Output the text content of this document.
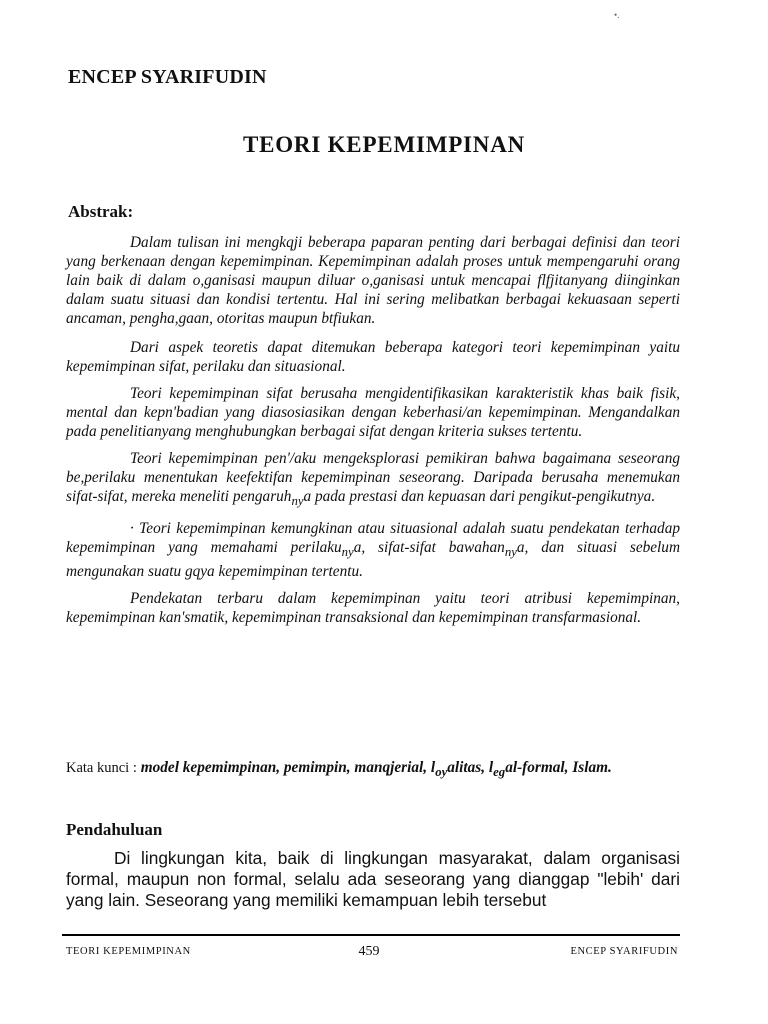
•.
ENCEP SYARIFUDIN
TEORI KEPEMIMPINAN
Abstrak:

Dalam tulisan ini mengkqji beberapa paparan penting dari berbagai definisi dan teori yang berkenaan dengan kepemimpinan. Kepemimpinan adalah proses untuk mempengaruhi orang lain baik di dalam o,ganisasi maupun diluar o,ganisasi untuk mencapai flfjitanyang diinginkan dalam suatu situasi dan kondisi tertentu. Hal ini sering melibatkan berbagai kekuasaan seperti ancaman, pengha,gaan, otoritas maupun btfiukan.

Dari aspek teoretis dapat ditemukan beberapa kategori teori kepemimpinan yaitu kepemimpinan sifat, perilaku dan situasional.

Teori kepemimpinan sifat berusaha mengidentifikasikan karakteristik khas baik fisik, mental dan kepn'badian yang diasosiasikan dengan keberhasi/an kepemimpinan. Mengandalkan pada penelitianyang menghubungkan berbagai sifat dengan kriteria sukses tertentu.

Teori kepemimpinan pen'/aku mengeksplorasi pemikiran bahwa bagaimana seseorang be,perilaku menentukan keefektifan kepemimpinan seseorang. Daripada berusaha menemukan sifat-sifat, mereka meneliti pengaruh$_{ny}$a pada prestasi dan kepuasan dari pengikut-pengikutnya.

· Teori kepemimpinan kemungkinan atau situasional adalah suatu pendekatan terhadap kepemimpinan yang memahami perilaku$_{ny}$a, sifat-sifat bawahan$_{ny}$a, dan situasi sebelum mengunakan suatu gqya kepemimpinan tertentu.

Pendekatan terbaru dalam kepemimpinan yaitu teori atribusi kepemimpinan, kepemimpinan kan'smatik, kepemimpinan transaksional dan kepemimpinan transfarmasional.

Kata kunci : model kepemimpinan, pemimpin, manqjerial, $l_{oy}alitas$, $l_{eg}al$-formal, Islam.
Pendahuluan

Di lingkungan kita, baik di lingkungan masyarakat, dalam organisasi formal, maupun non formal, selalu ada seseorang yang dianggap "lebih' dari yang lain. Seseorang yang memiliki kemampuan lebih tersebut

TEORI KEPEMIMPINAN	459	ENCEP SYARIFUDIN
